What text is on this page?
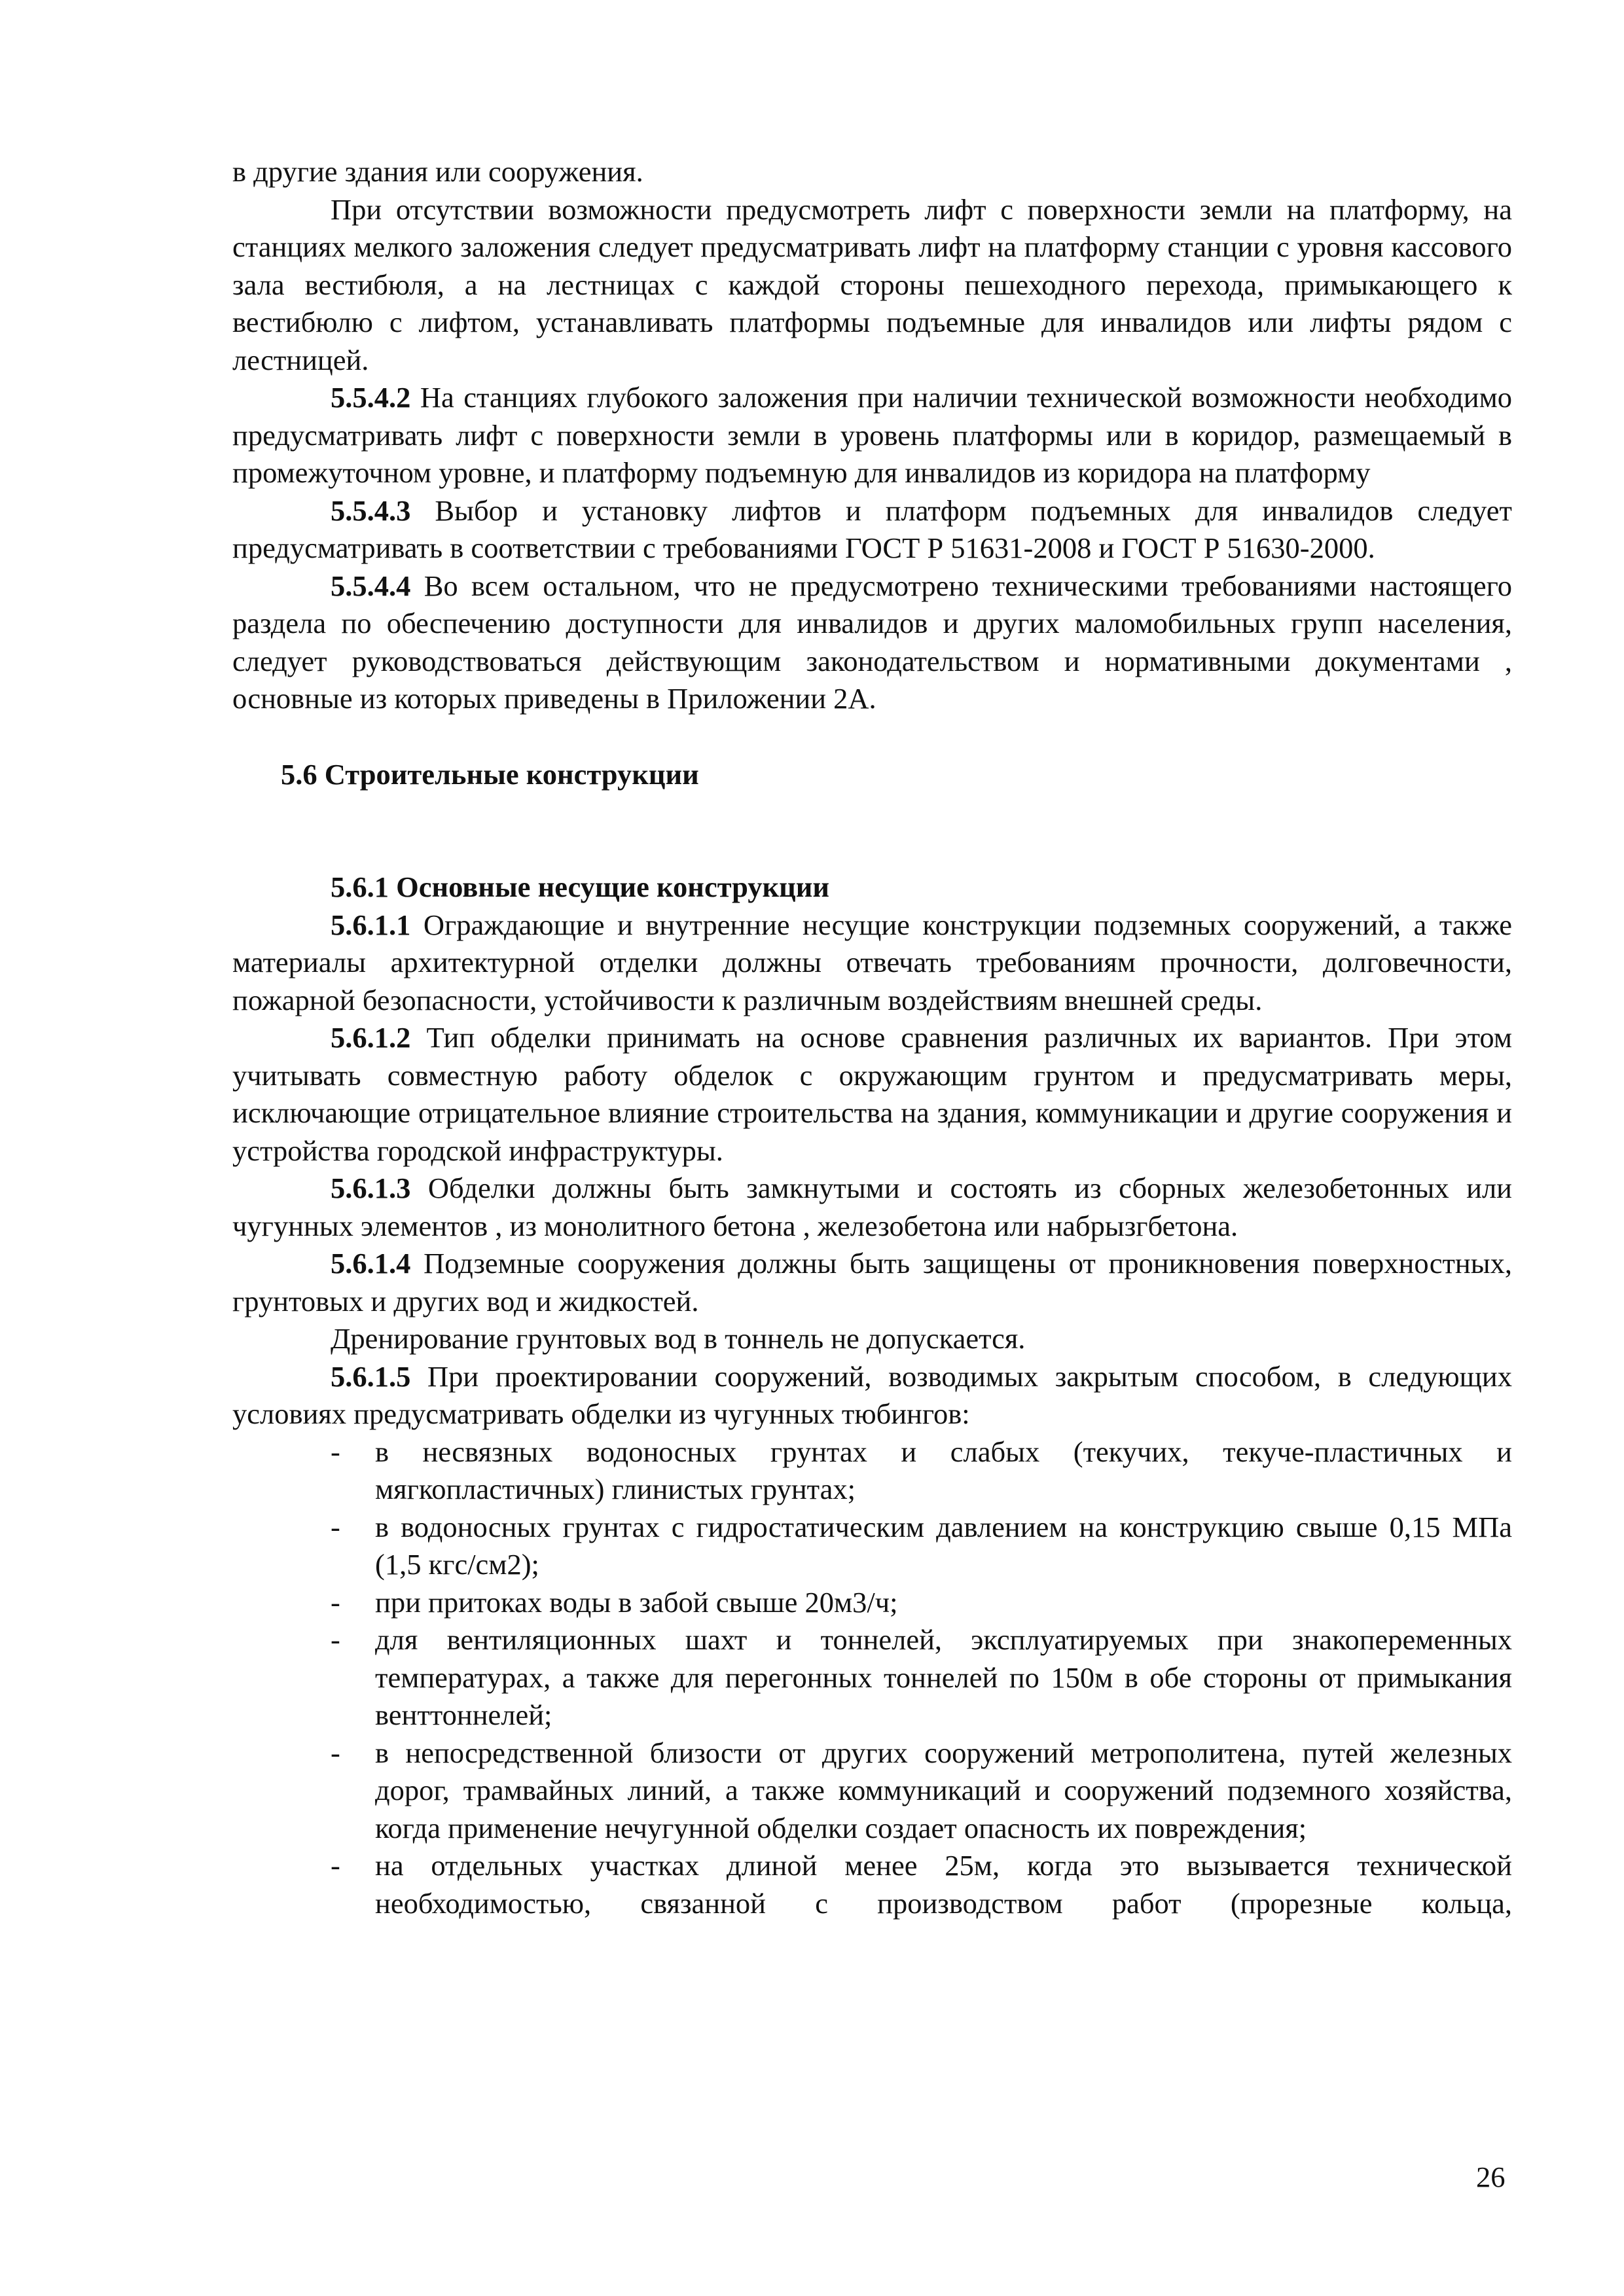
в другие здания или сооружения.

При отсутствии возможности предусмотреть лифт с поверхности земли на платформу, на станциях мелкого заложения следует предусматривать лифт на платформу станции с уровня кассового зала вестибюля, а на лестницах с каждой стороны пешеходного перехода, примыкающего к вестибюлю с лифтом, устанавливать платформы подъемные для инвалидов или лифты рядом с лестницей.

5.5.4.2 На станциях глубокого заложения при наличии технической возможности необходимо предусматривать лифт с поверхности земли в уровень платформы или в коридор, размещаемый в промежуточном уровне, и платформу подъемную для инвалидов из коридора на платформу

5.5.4.3 Выбор и установку лифтов и платформ подъемных для инвалидов следует предусматривать в соответствии с требованиями ГОСТ Р 51631-2008 и ГОСТ Р 51630-2000.

5.5.4.4 Во всем остальном, что не предусмотрено техническими требованиями настоящего раздела по обеспечению доступности для инвалидов и других маломобильных групп населения, следует руководствоваться действующим законодательством и нормативными документами , основные из которых приведены в Приложении 2А.

5.6 Строительные конструкции

5.6.1 Основные несущие конструкции

5.6.1.1 Ограждающие и внутренние несущие конструкции подземных сооружений, а также материалы архитектурной отделки должны отвечать требованиям прочности, долговечности, пожарной безопасности, устойчивости к различным воздействиям внешней среды.

5.6.1.2 Тип обделки принимать на основе сравнения различных их вариантов. При этом учитывать совместную работу обделок с окружающим грунтом и предусматривать меры, исключающие отрицательное влияние строительства на здания, коммуникации и другие сооружения и устройства городской инфраструктуры.

5.6.1.3 Обделки должны быть замкнутыми и состоять из сборных железобетонных или чугунных элементов , из монолитного бетона , железобетона или набрызгбетона.

5.6.1.4 Подземные сооружения должны быть защищены от проникновения поверхностных, грунтовых и других вод и жидкостей.

Дренирование грунтовых вод в тоннель не допускается.

5.6.1.5 При проектировании сооружений, возводимых закрытым способом, в следующих условиях предусматривать обделки из чугунных тюбингов:

- в несвязных водоносных грунтах и слабых (текучих, текуче-пластичных и мягкопластичных) глинистых грунтах;
- в водоносных грунтах с гидростатическим давлением на конструкцию свыше 0,15 МПа (1,5 кгс/см2);
- при притоках воды в забой свыше 20м3/ч;
- для вентиляционных шахт и тоннелей, эксплуатируемых при знакопеременных температурах, а также для перегонных тоннелей по 150м в обе стороны от примыкания венттоннелей;
- в непосредственной близости от других сооружений метрополитена, путей железных дорог, трамвайных линий, а также коммуникаций и сооружений подземного хозяйства, когда применение нечугунной обделки создает опасность их повреждения;
- на отдельных участках длиной менее 25м, когда это вызывается технической необходимостью, связанной с производством работ (прорезные кольца,
26
